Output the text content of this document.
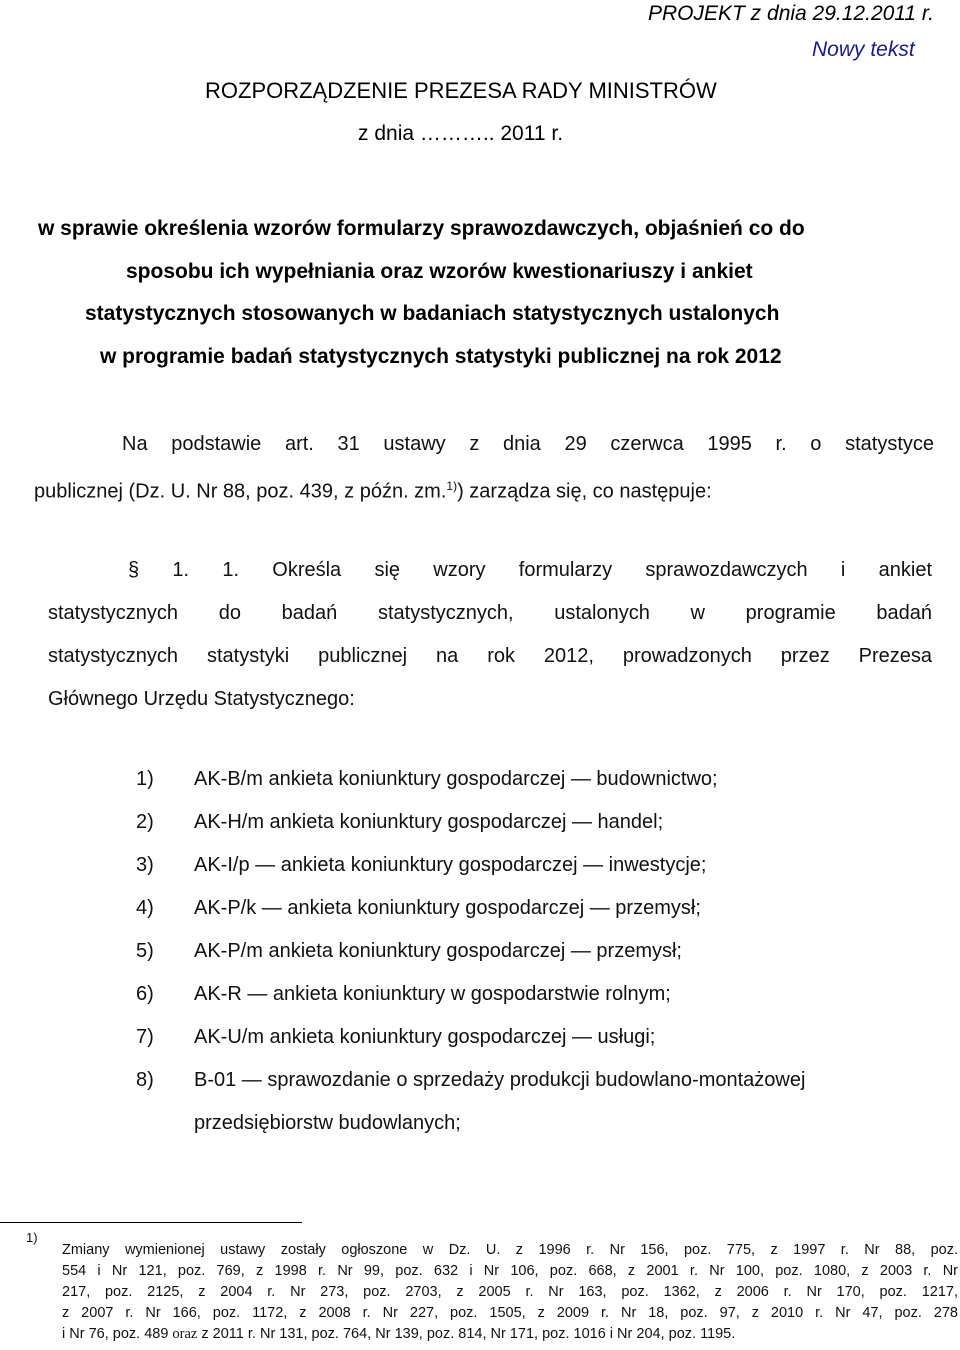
PROJEKT z dnia 29.12.2011 r.
Nowy tekst
ROZPORZĄDZENIE PREZESA RADY MINISTRÓW
z dnia ……….. 2011 r.
w sprawie określenia wzorów formularzy sprawozdawczych, objaśnień co do
sposobu ich wypełniania oraz wzorów kwestionariuszy i ankiet
statystycznych stosowanych w badaniach statystycznych ustalonych
w programie badań statystycznych statystyki publicznej na rok 2012
Na podstawie art. 31 ustawy z dnia 29 czerwca 1995 r. o statystyce
publicznej (Dz. U. Nr 88, poz. 439, z późn. zm.$^{1)}$) zarządza się, co następuje:
§ 1. 1. Określa się wzory formularzy sprawozdawczych i ankiet
statystycznych do badań statystycznych, ustalonych w programie badań
statystycznych statystyki publicznej na rok 2012, prowadzonych przez Prezesa
Głównego Urzędu Statystycznego:
1) AK-B/m ankieta koniunktury gospodarczej — budownictwo;
2) AK-H/m ankieta koniunktury gospodarczej — handel;
3) AK-I/p — ankieta koniunktury gospodarczej — inwestycje;
4) AK-P/k — ankieta koniunktury gospodarczej — przemysł;
5) AK-P/m ankieta koniunktury gospodarczej — przemysł;
6) AK-R — ankieta koniunktury w gospodarstwie rolnym;
7) AK-U/m ankieta koniunktury gospodarczej — usługi;
8) B-01 — sprawozdanie o sprzedaży produkcji budowlano-montażowej
przedsiębiorstw budowlanych;
1)
Zmiany wymienionej ustawy zostały ogłoszone w Dz. U. z 1996 r. Nr 156, poz. 775, z 1997 r. Nr 88, poz.
554 i Nr 121, poz. 769, z 1998 r. Nr 99, poz. 632 i Nr 106, poz. 668, z 2001 r. Nr 100, poz. 1080, z 2003 r. Nr
217, poz. 2125, z 2004 r. Nr 273, poz. 2703, z 2005 r. Nr 163, poz. 1362, z 2006 r. Nr 170, poz. 1217,
z 2007 r. Nr 166, poz. 1172, z 2008 r. Nr 227, poz. 1505, z 2009 r. Nr 18, poz. 97, z 2010 r. Nr 47, poz. 278
i Nr 76, poz. 489 oraz z 2011 r. Nr 131, poz. 764, Nr 139, poz. 814, Nr 171, poz. 1016 i Nr 204, poz. 1195.
